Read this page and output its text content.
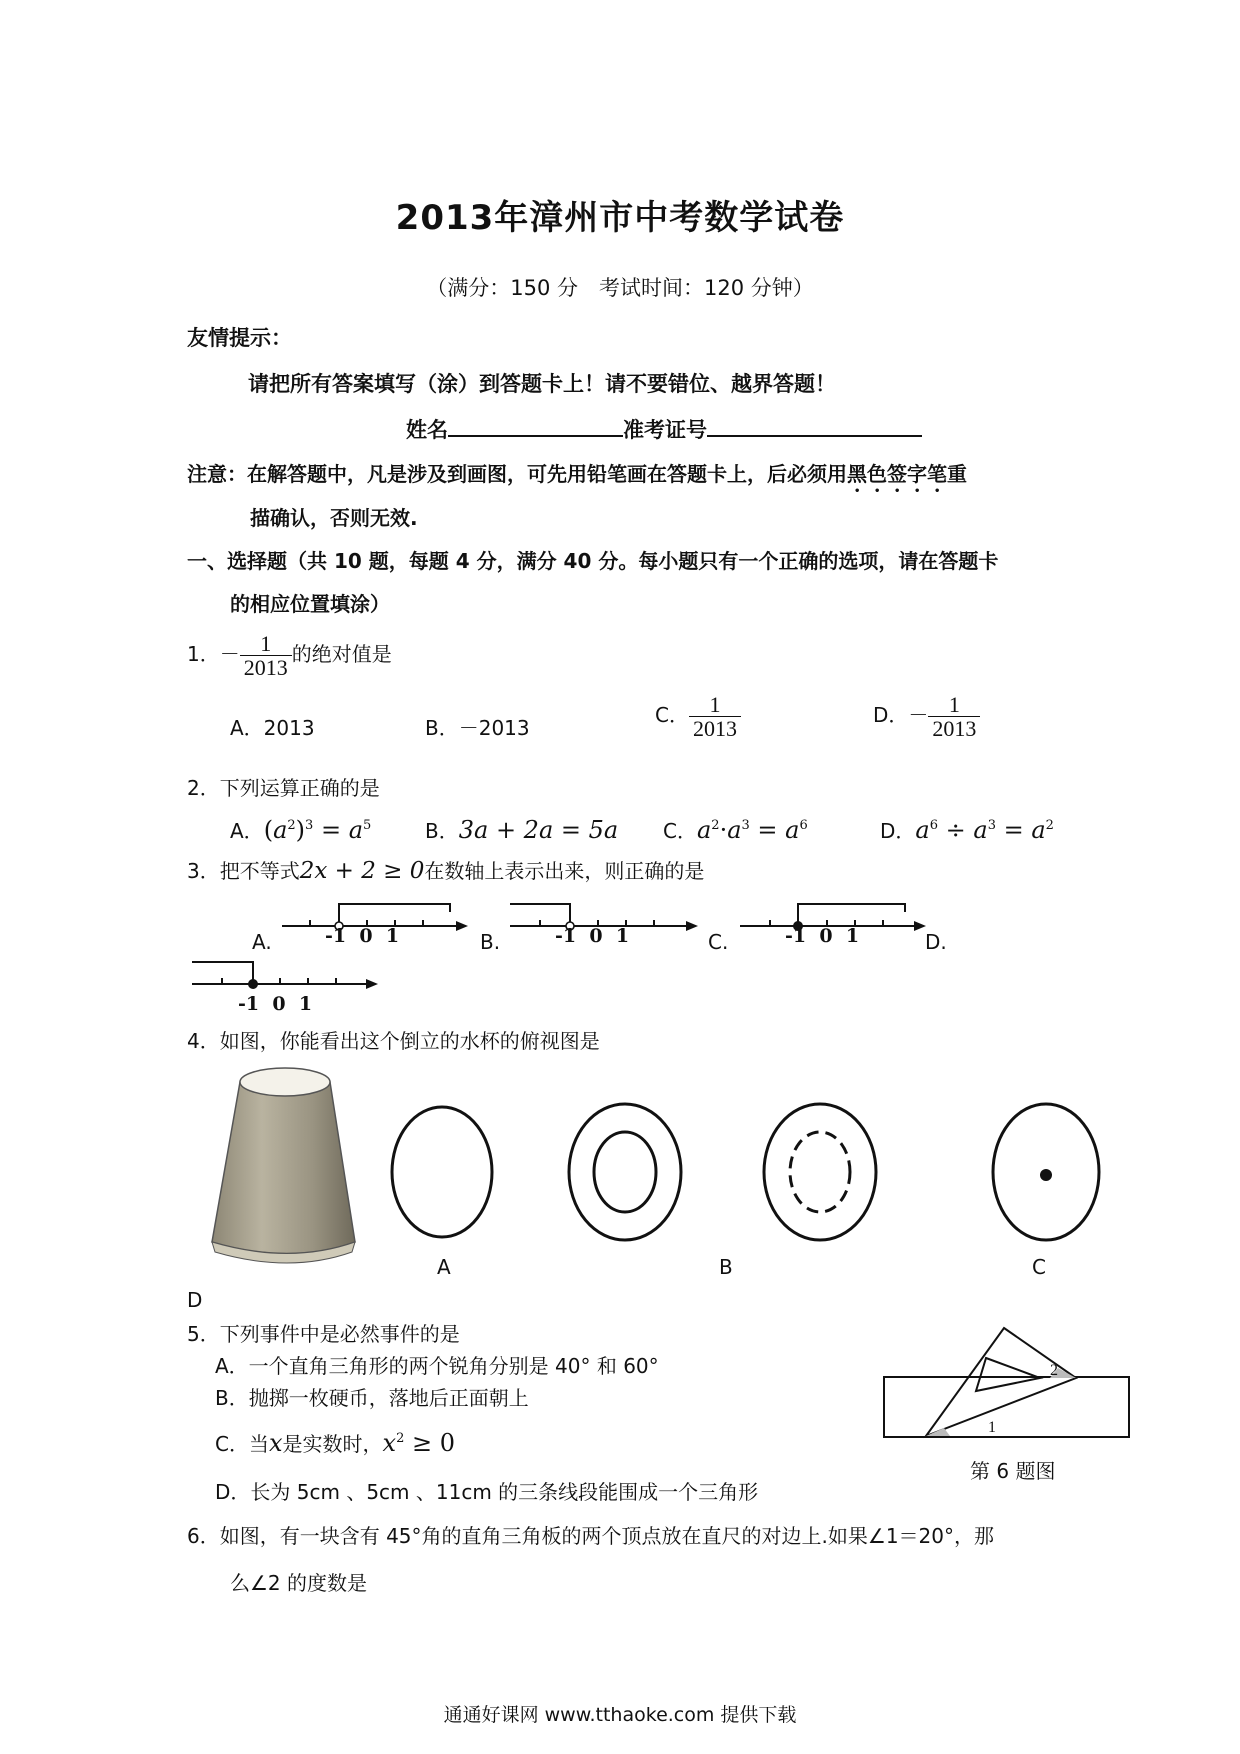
2013年漳州市中考数学试卷
（满分：150 分　考试时间：120 分钟）
友情提示：
请把所有答案填写（涂）到答题卡上！请不要错位、越界答题！
姓名	准考证号
注意：在解答题中，凡是涉及到画图，可先用铅笔画在答题卡上，后必须用黑色签字笔重
描确认，否则无效.
一、选择题（共 10 题，每题 4 分，满分 40 分。每小题只有一个正确的选项，请在答题卡
的相应位置填涂）
1．－ $\frac{1}{2013}$ 的绝对值是
A．2013	B．－2013
C． $\frac{1}{2013}$	D．－ $\frac{1}{2013}$
2．下列运算正确的是
A．$(a^2)^3 = a^5$	B．3a + 2a = 5a C．$a^2\cdot a^3 = a^6$	D．$a^6 \div a^3 = a^2$
3．把不等式2x + 2 ≥ 0在数轴上表示出来，则正确的是
-1 0 1	-1 0 1	-1 0 1
-1 0 1
A.	B.	C.	D.
4．如图，你能看出这个倒立的水杯的俯视图是
A	B	C
D
5．下列事件中是必然事件的是
A．一个直角三角形的两个锐角分别是 40° 和 60°
B．抛掷一枚硬币，落地后正面朝上
C．当x是实数时，$x^2 \ge 0$
D．长为 5cm 、5cm 、11cm 的三条线段能围成一个三角形
2
1
第 6 题图
6．如图，有一块含有 45°角的直角三角板的两个顶点放在直尺的对边上.如果∠1＝20°，那
么∠2 的度数是
通通好课网 www.tthaoke.com 提供下载
